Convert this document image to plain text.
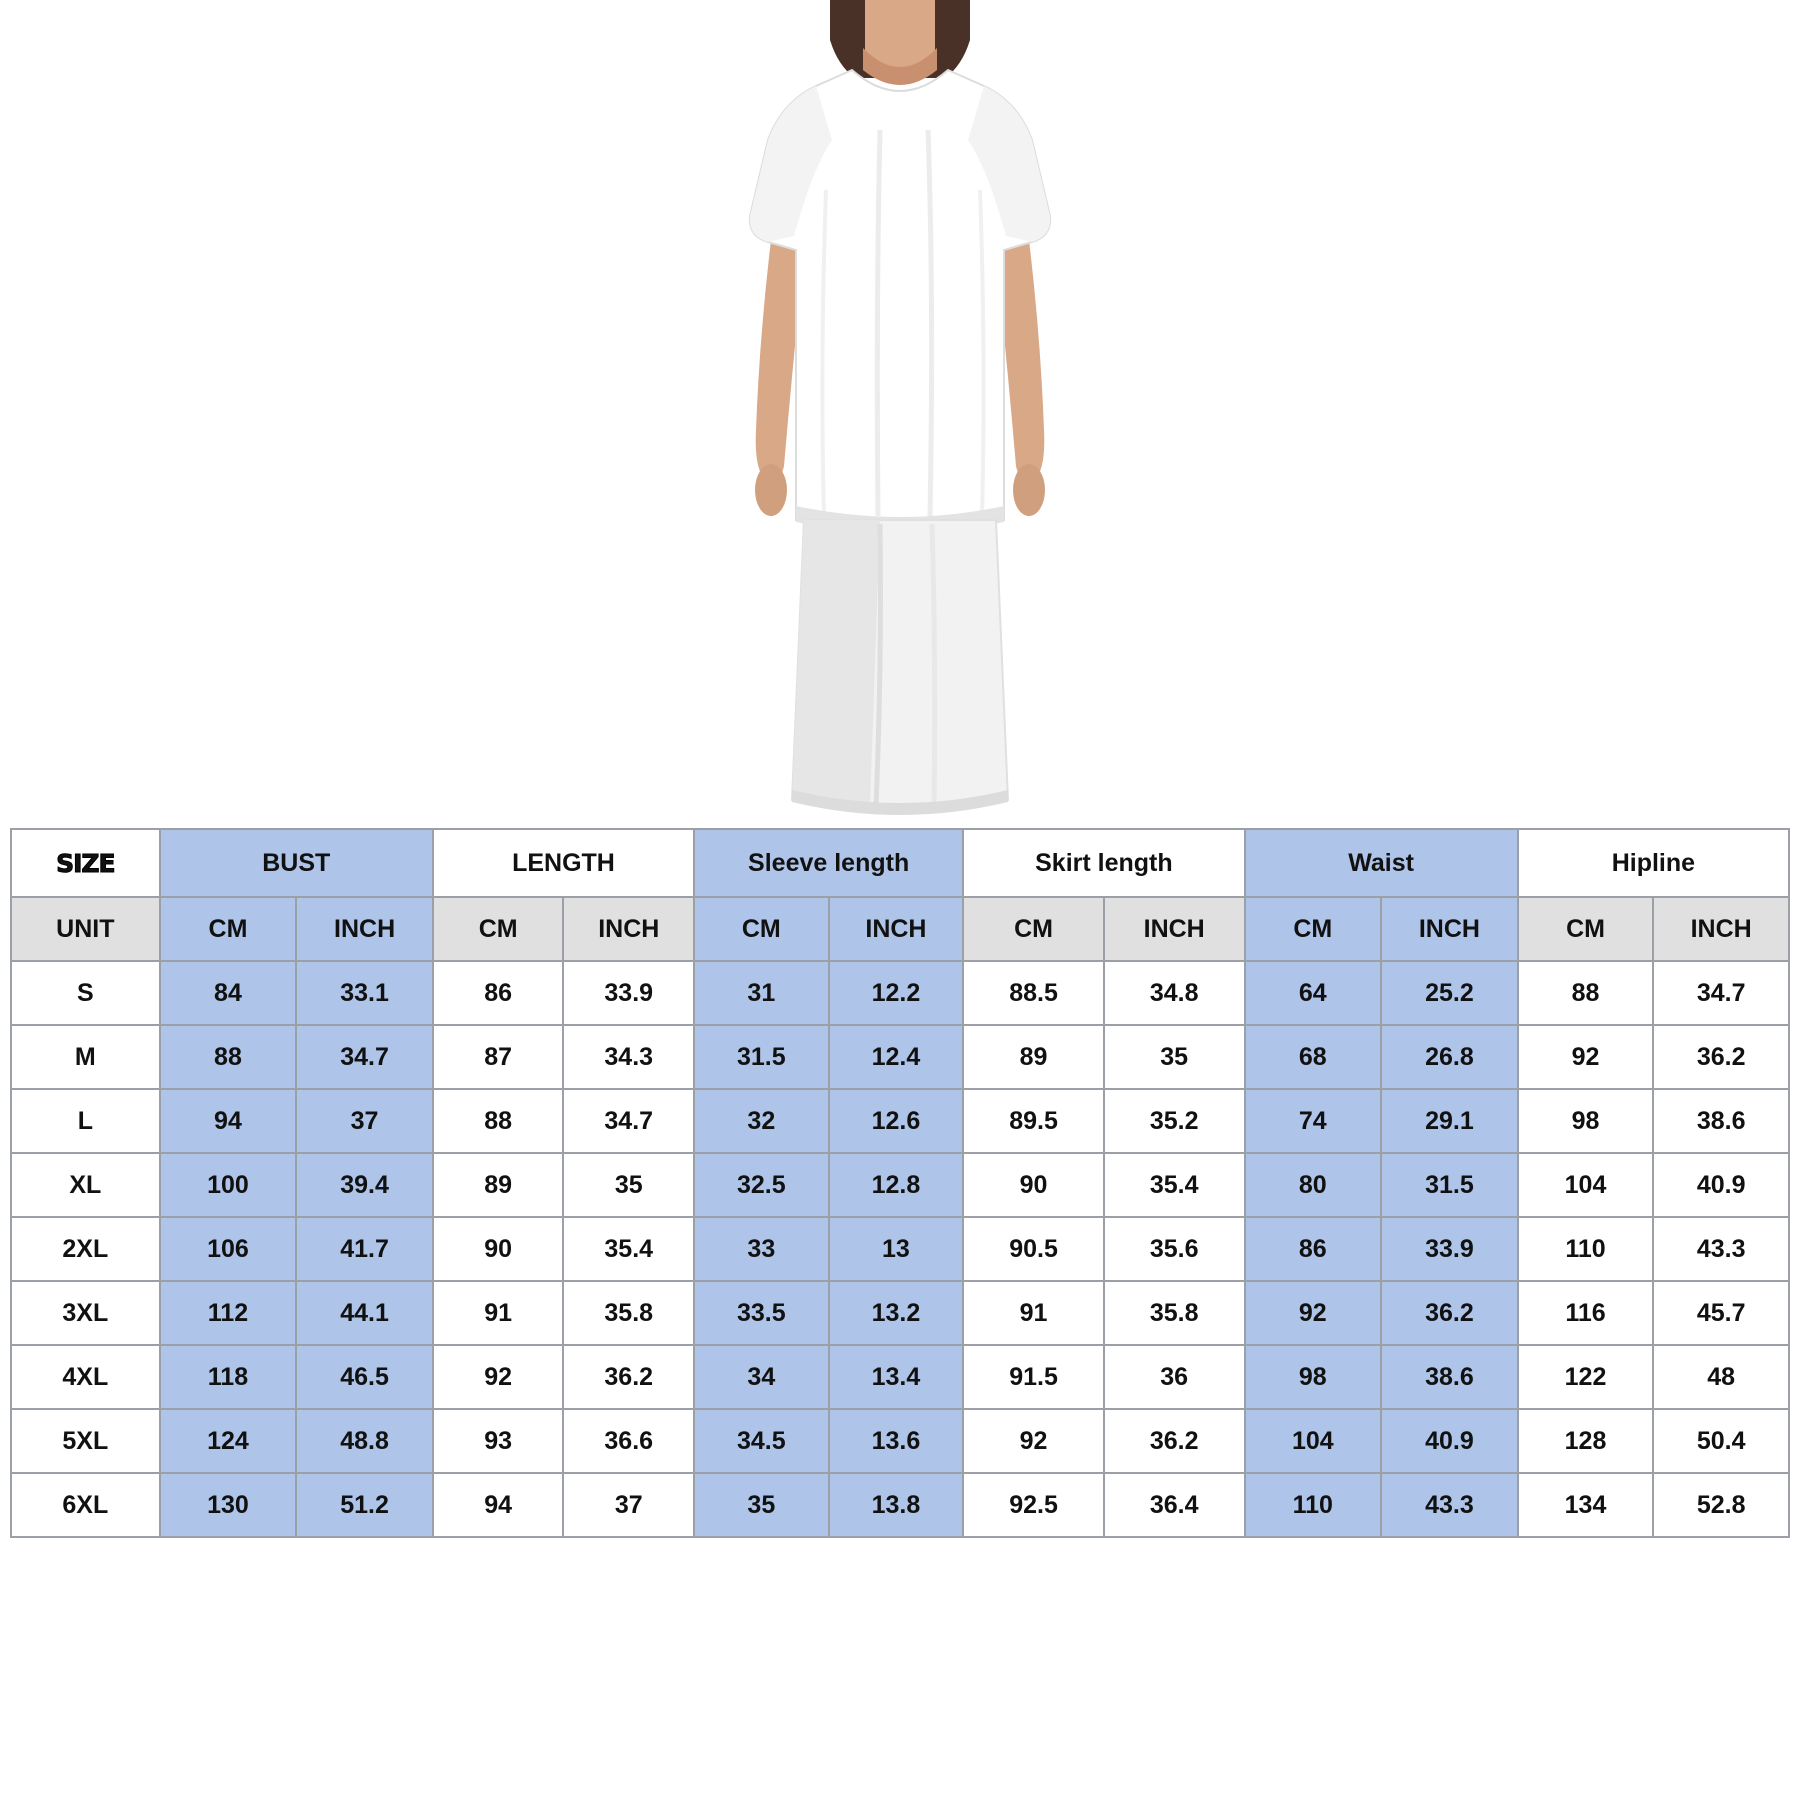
SIZE	BUST		LENGTH		Sleeve length		Skirt length		Waist		Hipline	
UNIT	CM	INCH	CM	INCH	CM	INCH	CM	INCH	CM	INCH	CM	INCH
S	84	33.1	86	33.9	31	12.2	88.5	34.8	64	25.2	88	34.7
M	88	34.7	87	34.3	31.5	12.4	89	35	68	26.8	92	36.2
L	94	37	88	34.7	32	12.6	89.5	35.2	74	29.1	98	38.6
XL	100	39.4	89	35	32.5	12.8	90	35.4	80	31.5	104	40.9
2XL	106	41.7	90	35.4	33	13	90.5	35.6	86	33.9	110	43.3
3XL	112	44.1	91	35.8	33.5	13.2	91	35.8	92	36.2	116	45.7
4XL	118	46.5	92	36.2	34	13.4	91.5	36	98	38.6	122	48
5XL	124	48.8	93	36.6	34.5	13.6	92	36.2	104	40.9	128	50.4
6XL	130	51.2	94	37	35	13.8	92.5	36.4	110	43.3	134	52.8
